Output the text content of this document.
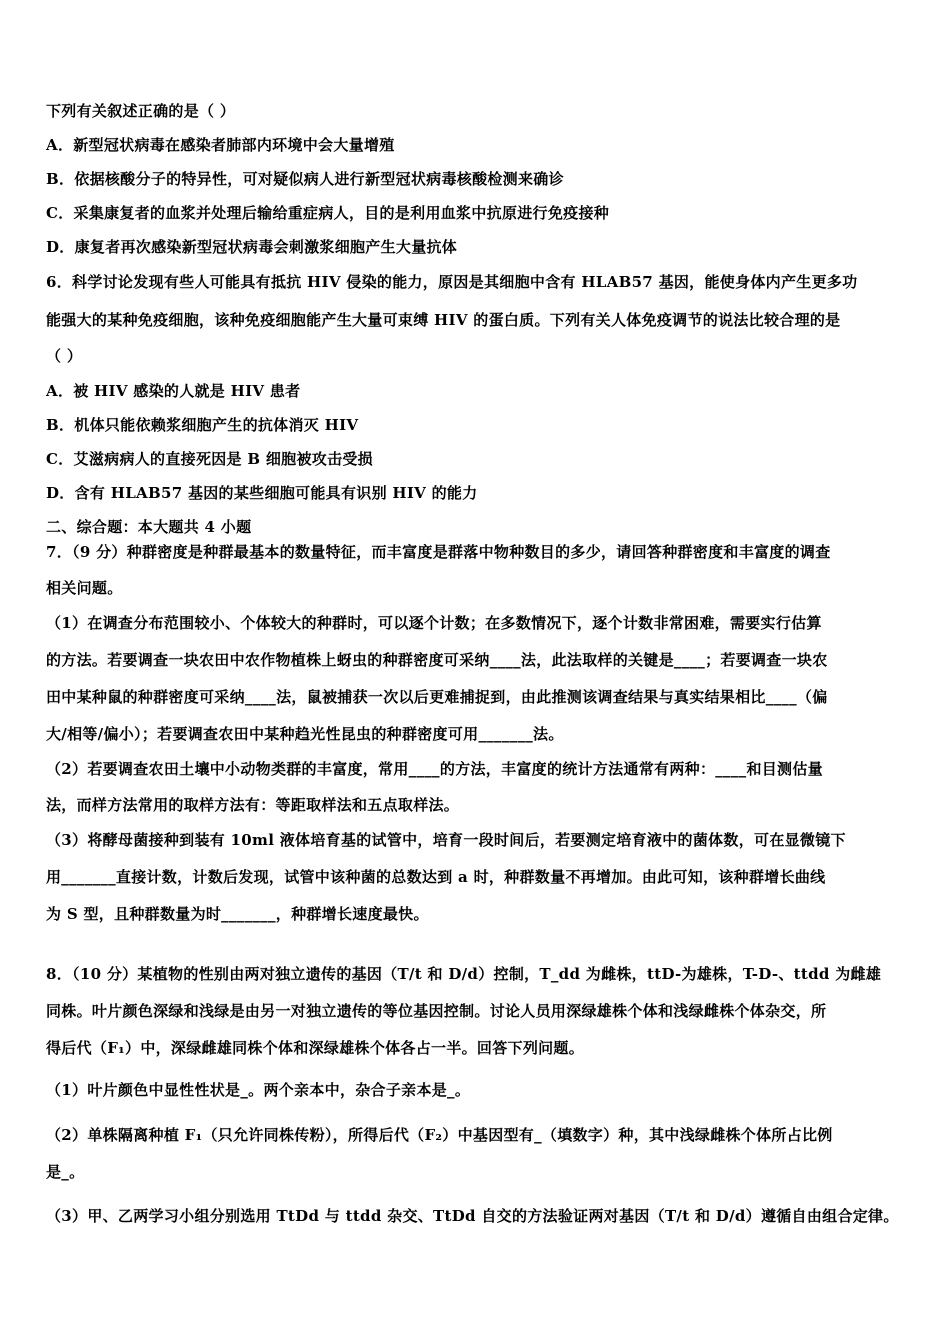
下列有关叙述正确的是（ ）
A．新型冠状病毒在感染者肺部内环境中会大量增殖
B．依据核酸分子的特异性，可对疑似病人进行新型冠状病毒核酸检测来确诊
C．采集康复者的血浆并处理后输给重症病人，目的是利用血浆中抗原进行免疫接种
D．康复者再次感染新型冠状病毒会刺激浆细胞产生大量抗体
6．科学讨论发现有些人可能具有抵抗 HIV 侵染的能力，原因是其细胞中含有 HLAB57 基因，能使身体内产生更多功
能强大的某种免疫细胞，该种免疫细胞能产生大量可束缚 HIV 的蛋白质。下列有关人体免疫调节的说法比较合理的是
（ ）
A．被 HIV 感染的人就是 HIV 患者
B．机体只能依赖浆细胞产生的抗体消灭 HIV
C．艾滋病病人的直接死因是 B 细胞被攻击受损
D．含有 HLAB57 基因的某些细胞可能具有识别 HIV 的能力
二、综合题：本大题共 4 小题
7．（9 分）种群密度是种群最基本的数量特征，而丰富度是群落中物种数目的多少，请回答种群密度和丰富度的调查
相关问题。
（1）在调查分布范围较小、个体较大的种群时，可以逐个计数；在多数情况下，逐个计数非常困难，需要实行估算
的方法。若要调查一块农田中农作物植株上蚜虫的种群密度可采纳____法，此法取样的关键是____；若要调查一块农
田中某种鼠的种群密度可采纳____法，鼠被捕获一次以后更难捕捉到，由此推测该调查结果与真实结果相比____（偏
大/相等/偏小）；若要调查农田中某种趋光性昆虫的种群密度可用_______法。
（2）若要调查农田土壤中小动物类群的丰富度，常用____的方法，丰富度的统计方法通常有两种：____和目测估量
法，而样方法常用的取样方法有：等距取样法和五点取样法。
（3）将酵母菌接种到装有 10ml 液体培育基的试管中，培育一段时间后，若要测定培育液中的菌体数，可在显微镜下
用_______直接计数，计数后发现，试管中该种菌的总数达到 a 时，种群数量不再增加。由此可知，该种群增长曲线
为 S 型，且种群数量为时_______，种群增长速度最快。
8．（10 分）某植物的性别由两对独立遗传的基因（T/t 和 D/d）控制，T_dd 为雌株，ttD-为雄株，T-D-、ttdd 为雌雄
同株。叶片颜色深绿和浅绿是由另一对独立遗传的等位基因控制。讨论人员用深绿雄株个体和浅绿雌株个体杂交，所
得后代（F₁）中，深绿雌雄同株个体和深绿雄株个体各占一半。回答下列问题。
（1）叶片颜色中显性性状是_。两个亲本中，杂合子亲本是_。
（2）单株隔离种植 F₁（只允许同株传粉），所得后代（F₂）中基因型有_（填数字）种，其中浅绿雌株个体所占比例
是_。
（3）甲、乙两学习小组分别选用 TtDd 与 ttdd 杂交、TtDd 自交的方法验证两对基因（T/t 和 D/d）遵循自由组合定律。
